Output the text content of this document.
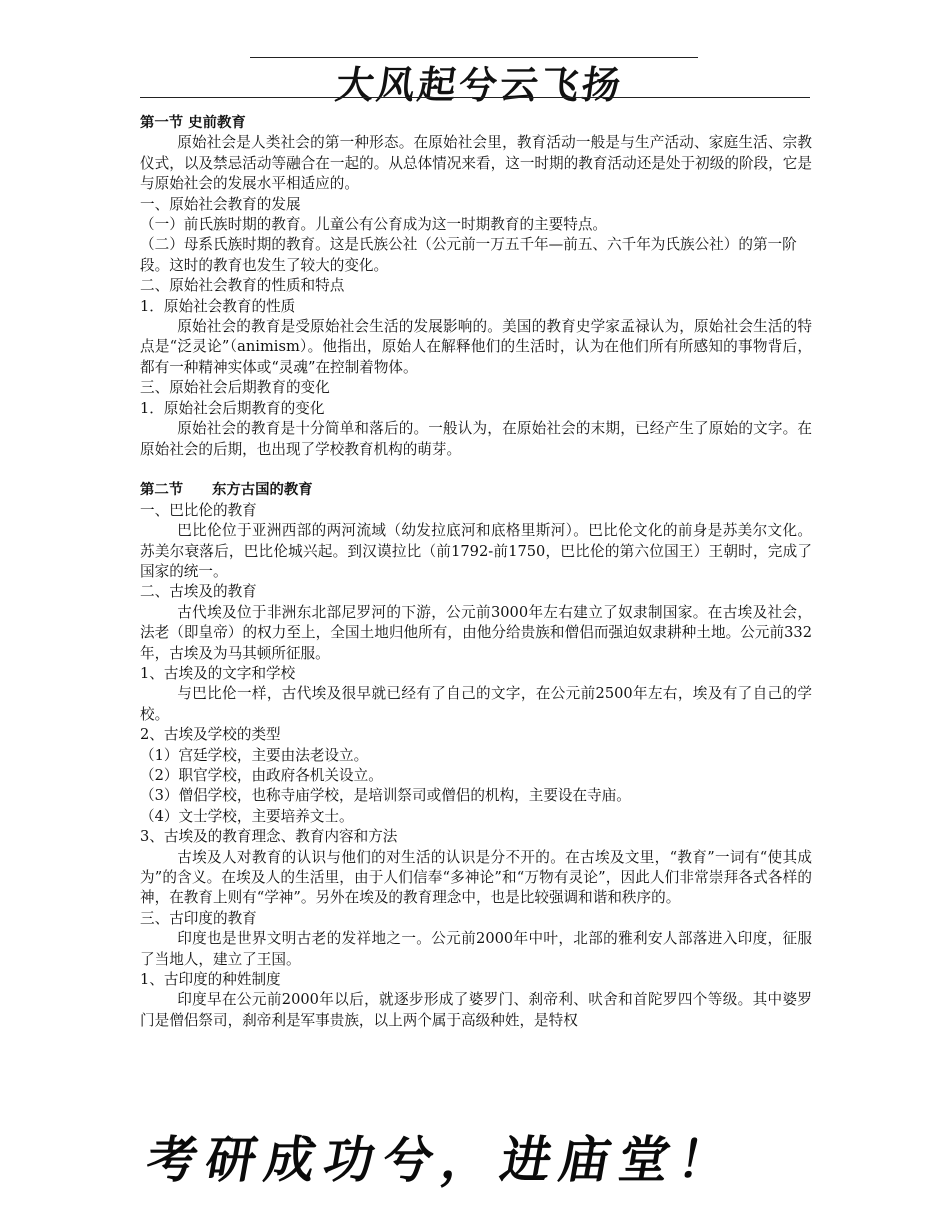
大风起兮云飞扬

第一节 史前教育

原始社会是人类社会的第一种形态。在原始社会里，教育活动一般是与生产活动、家庭生活、宗教仪式，以及禁忌活动等融合在一起的。从总体情况来看，这一时期的教育活动还是处于初级的阶段，它是与原始社会的发展水平相适应的。

一、原始社会教育的发展

（一）前氏族时期的教育。儿童公有公育成为这一时期教育的主要特点。

（二）母系氏族时期的教育。这是氏族公社（公元前一万五千年—前五、六千年为氏族公社）的第一阶段。这时的教育也发生了较大的变化。

二、原始社会教育的性质和特点

1．原始社会教育的性质

原始社会的教育是受原始社会生活的发展影响的。美国的教育史学家孟禄认为，原始社会生活的特点是“泛灵论”（animism）。他指出，原始人在解释他们的生活时，认为在他们所有所感知的事物背后，都有一种精神实体或“灵魂”在控制着物体。

三、原始社会后期教育的变化

1．原始社会后期教育的变化

原始社会的教育是十分简单和落后的。一般认为，在原始社会的末期，已经产生了原始的文字。在原始社会的后期，也出现了学校教育机构的萌芽。

第二节　　东方古国的教育

一、巴比伦的教育

巴比伦位于亚洲西部的两河流域（幼发拉底河和底格里斯河）。巴比伦文化的前身是苏美尔文化。苏美尔衰落后，巴比伦城兴起。到汉谟拉比（前1792-前1750，巴比伦的第六位国王）王朝时，完成了国家的统一。

二、古埃及的教育

古代埃及位于非洲东北部尼罗河的下游，公元前3000年左右建立了奴隶制国家。在古埃及社会，法老（即皇帝）的权力至上，全国土地归他所有，由他分给贵族和僧侣而强迫奴隶耕种土地。公元前332年，古埃及为马其顿所征服。

1、古埃及的文字和学校

与巴比伦一样，古代埃及很早就已经有了自己的文字，在公元前2500年左右，埃及有了自己的学校。

2、古埃及学校的类型

（1）宫廷学校，主要由法老设立。

（2）职官学校，由政府各机关设立。

（3）僧侣学校，也称寺庙学校，是培训祭司或僧侣的机构，主要设在寺庙。

（4）文士学校，主要培养文士。

3、古埃及的教育理念、教育内容和方法

古埃及人对教育的认识与他们的对生活的认识是分不开的。在古埃及文里，“教育”一词有“使其成为”的含义。在埃及人的生活里，由于人们信奉“多神论”和“万物有灵论”，因此人们非常崇拜各式各样的神，在教育上则有“学神”。另外在埃及的教育理念中，也是比较强调和谐和秩序的。

三、古印度的教育

印度也是世界文明古老的发祥地之一。公元前2000年中叶，北部的雅利安人部落进入印度，征服了当地人，建立了王国。

1、古印度的种姓制度

印度早在公元前2000年以后，就逐步形成了婆罗门、刹帝利、吠舍和首陀罗四个等级。其中婆罗门是僧侣祭司，刹帝利是军事贵族，以上两个属于高级种姓，是特权

考研成功兮，进庙堂！
